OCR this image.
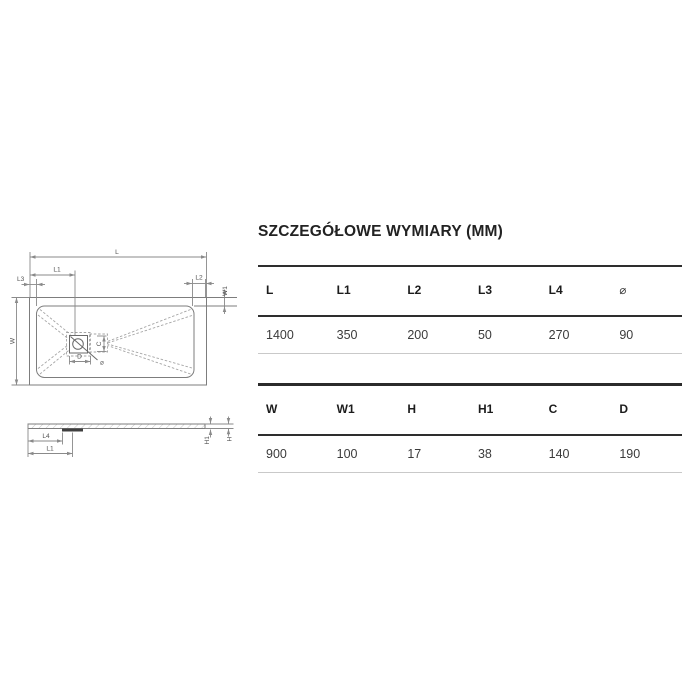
L
L1
L3	L2
W1
W	C
D
⌀
L4
L1
H1 H
SZCZEGÓŁOWE WYMIARY (MM)
L	L1	L2	L3	L4	⌀
1400	350	200	50	270	90
W	W1	H	H1	C	D
900	100	17	38	140	190
